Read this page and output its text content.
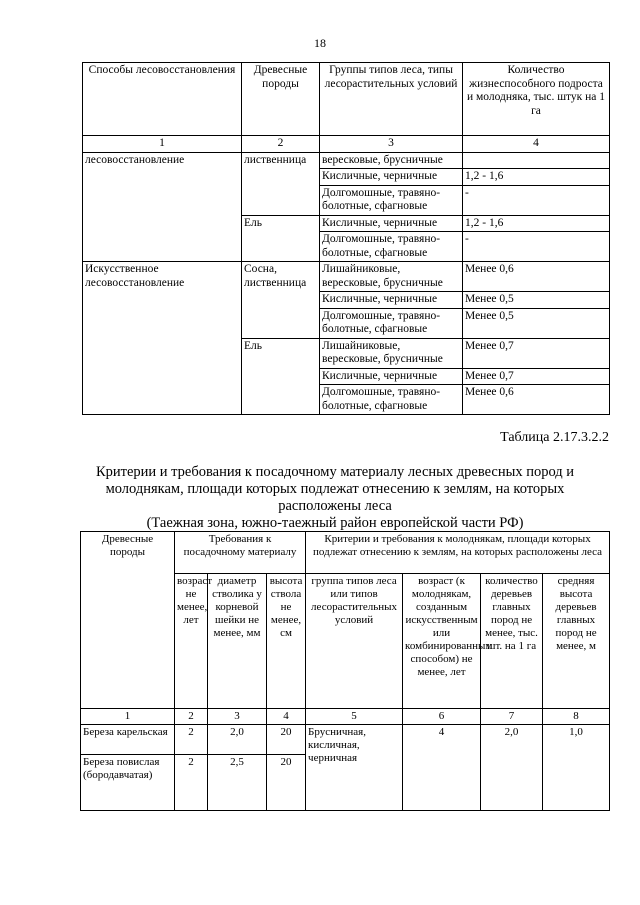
18
Способы лесовосстановления	Древесные породы	Группы типов леса, типы лесорастительных условий	Количество жизнеспособного подроста и молодняка, тыс. штук на 1 га
1	2	3	4
лесовосстановление	лиственница	вересковые, брусничные	
		Кисличные, черничные	1,2 - 1,6
		Долгомошные, травяно-болотные, сфагновые	-
	Ель	Кисличные, черничные	1,2 - 1,6
		Долгомошные, травяно-болотные, сфагновые	-
Искусственное лесовосстановление	Сосна, лиственница	Лишайниковые, вересковые, брусничные	Менее 0,6
		Кисличные, черничные	Менее 0,5
		Долгомошные, травяно-болотные, сфагновые	Менее 0,5
	Ель	Лишайниковые, вересковые, брусничные	Менее 0,7
		Кисличные, черничные	Менее 0,7
		Долгомошные, травяно-болотные, сфагновые	Менее 0,6
Таблица 2.17.3.2.2
Критерии и требования к посадочному материалу лесных древесных пород и молоднякам, площади которых подлежат отнесению к землям, на которых расположены леса
(Таежная зона, южно-таежный район европейской части РФ)
Древесные породы	Требования к посадочному материалу			Критерии и требования к молоднякам, площади которых подлежат отнесению к землям, на которых расположены леса			
	возраст не менее, лет	диаметр стволика у корневой шейки не менее, мм	высота ствола не менее, см	группа типов леса или типов лесорастительных условий	возраст (к молоднякам, созданным искусственным или комбинированным способом) не менее, лет	количество деревьев главных пород не менее, тыс. шт. на 1 га	средняя высота деревьев главных пород не менее, м
1	2	3	4	5	6	7	8
Береза карельская	2	2,0	20	Брусничная, кисличная, черничная	4	2,0	1,0
Береза повислая (бородавчатая)	2	2,5	20				
